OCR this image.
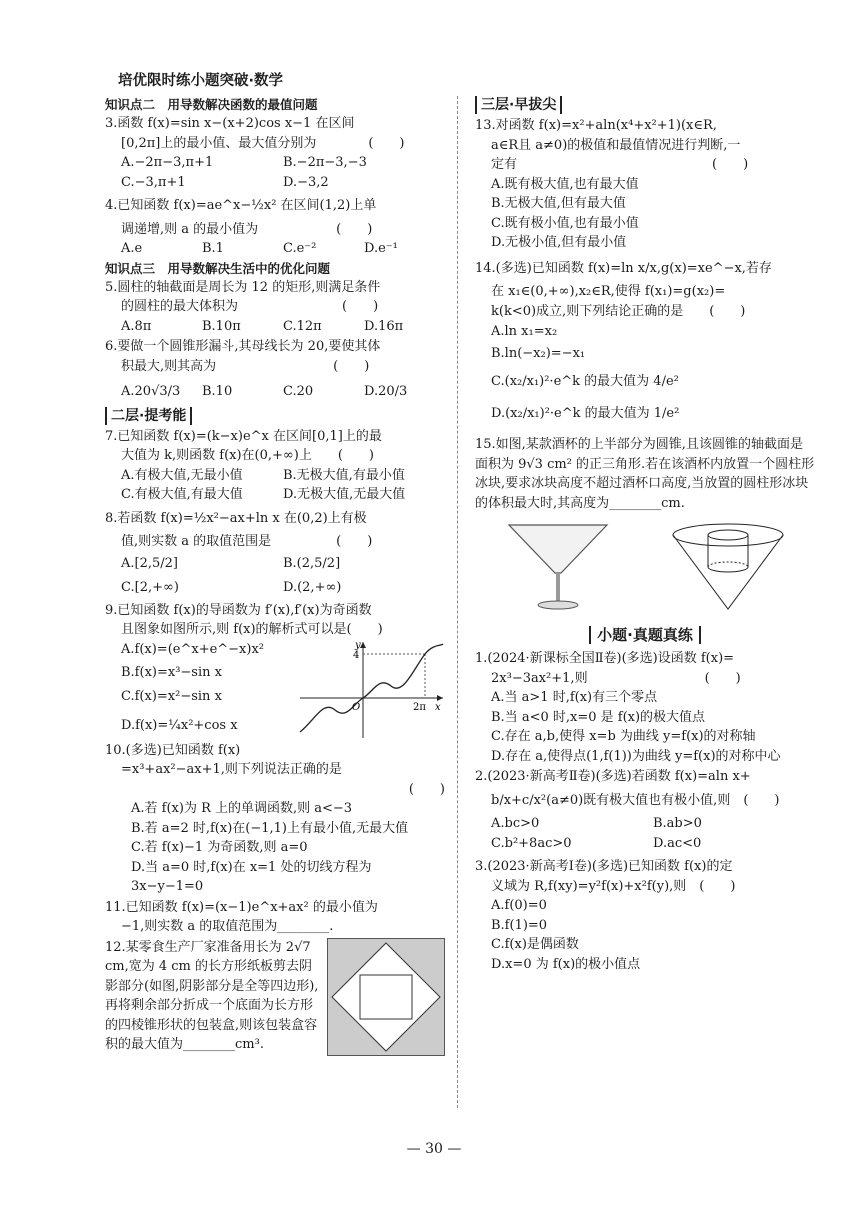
培优限时练小题突破·数学
知识点二　用导数解决函数的最值问题
3.函数 f(x)=sin x−(x+2)cos x−1 在区间
[0,2π]上的最小值、最大值分别为　　　　(　　)
A.−2π−3,π+1	B.−2π−3,−3
C.−3,π+1	D.−3,2
4.已知函数 f(x)=ae^x−½x² 在区间(1,2)上单
调递增,则 a 的最小值为　　　　　　(　　)
A.e	B.1	C.e⁻²	D.e⁻¹
知识点三　用导数解决生活中的优化问题
5.圆柱的轴截面是周长为 12 的矩形,则满足条件
的圆柱的最大体积为　　　　　　　　(　　)
A.8π	B.10π	C.12π	D.16π
6.要做一个圆锥形漏斗,其母线长为 20,要使其体
积最大,则其高为　　　　　　　　　(　　)
A.20√3/3	B.10	C.20	D.20/3
二层·提考能
7.已知函数 f(x)=(k−x)e^x 在区间[0,1]上的最
大值为 k,则函数 f(x)在(0,+∞)上　　(　　)
A.有极大值,无最小值	B.无极大值,有最小值
C.有极大值,有最大值	D.无极大值,无最大值
8.若函数 f(x)=½x²−ax+ln x 在(0,2)上有极
值,则实数 a 的取值范围是　　　　　(　　)
A.[2,5/2]	B.(2,5/2]
C.[2,+∞)	D.(2,+∞)
9.已知函数 f(x)的导函数为 f′(x),f′(x)为奇函数
且图象如图所示,则 f(x)的解析式可以是(　　)
A.f(x)=(e^x+e^−x)x²
B.f(x)=x³−sin x
C.f(x)=x²−sin x
D.f(x)=¼x²+cos x
y
4
O	2π x
10.(多选)已知函数 f(x)
=x³+ax²−ax+1,则下列说法正确的是
(　　)
A.若 f(x)为 R 上的单调函数,则 a<−3
B.若 a=2 时,f(x)在(−1,1)上有最小值,无最大值
C.若 f(x)−1 为奇函数,则 a=0
D.当 a=0 时,f(x)在 x=1 处的切线方程为 3x−y−1=0
11.已知函数 f(x)=(x−1)e^x+ax² 的最小值为
−1,则实数 a 的取值范围为________.
12.某零食生产厂家准备用长为 2√7 cm,宽为 4 cm 的长方形纸板剪去阴影部分(如图,阴影部分是全等四边形),再将剩余部分折成一个底面为长方形的四棱锥形状的包装盒,则该包装盒容积的最大值为________cm³.
三层·早拔尖
13.对函数 f(x)=x²+aln(x⁴+x²+1)(x∈R,
a∈R且 a≠0)的极值和最值情况进行判断,一
定有　　　　　　　　　　　　　　　(　　)
A.既有极大值,也有最大值
B.无极大值,但有最大值
C.既有极小值,也有最小值
D.无极小值,但有最小值
14.(多选)已知函数 f(x)=ln x/x,g(x)=xe^−x,若存
在 x₁∈(0,+∞),x₂∈R,使得 f(x₁)=g(x₂)=
k(k<0)成立,则下列结论正确的是　　(　　)
A.ln x₁=x₂
B.ln(−x₂)=−x₁
C.(x₂/x₁)²·e^k 的最大值为 4/e²
D.(x₂/x₁)²·e^k 的最大值为 1/e²
15.如图,某款酒杯的上半部分为圆锥,且该圆锥的轴截面是面积为 9√3 cm² 的正三角形.若在该酒杯内放置一个圆柱形冰块,要求冰块高度不超过酒杯口高度,当放置的圆柱形冰块的体积最大时,其高度为________cm.
小题·真题真练
1.(2024·新课标全国Ⅱ卷)(多选)设函数 f(x)=
2x³−3ax²+1,则　　　　　　　　　(　　)
A.当 a>1 时,f(x)有三个零点
B.当 a<0 时,x=0 是 f(x)的极大值点
C.存在 a,b,使得 x=b 为曲线 y=f(x)的对称轴
D.存在 a,使得点(1,f(1))为曲线 y=f(x)的对称中心
2.(2023·新高考Ⅱ卷)(多选)若函数 f(x)=aln x+
b/x+c/x²(a≠0)既有极大值也有极小值,则　(　　)
A.bc>0	B.ab>0
C.b²+8ac>0	D.ac<0
3.(2023·新高考Ⅰ卷)(多选)已知函数 f(x)的定
义域为 R,f(xy)=y²f(x)+x²f(y),则　(　　)
A.f(0)=0
B.f(1)=0
C.f(x)是偶函数
D.x=0 为 f(x)的极小值点
— 30 —
